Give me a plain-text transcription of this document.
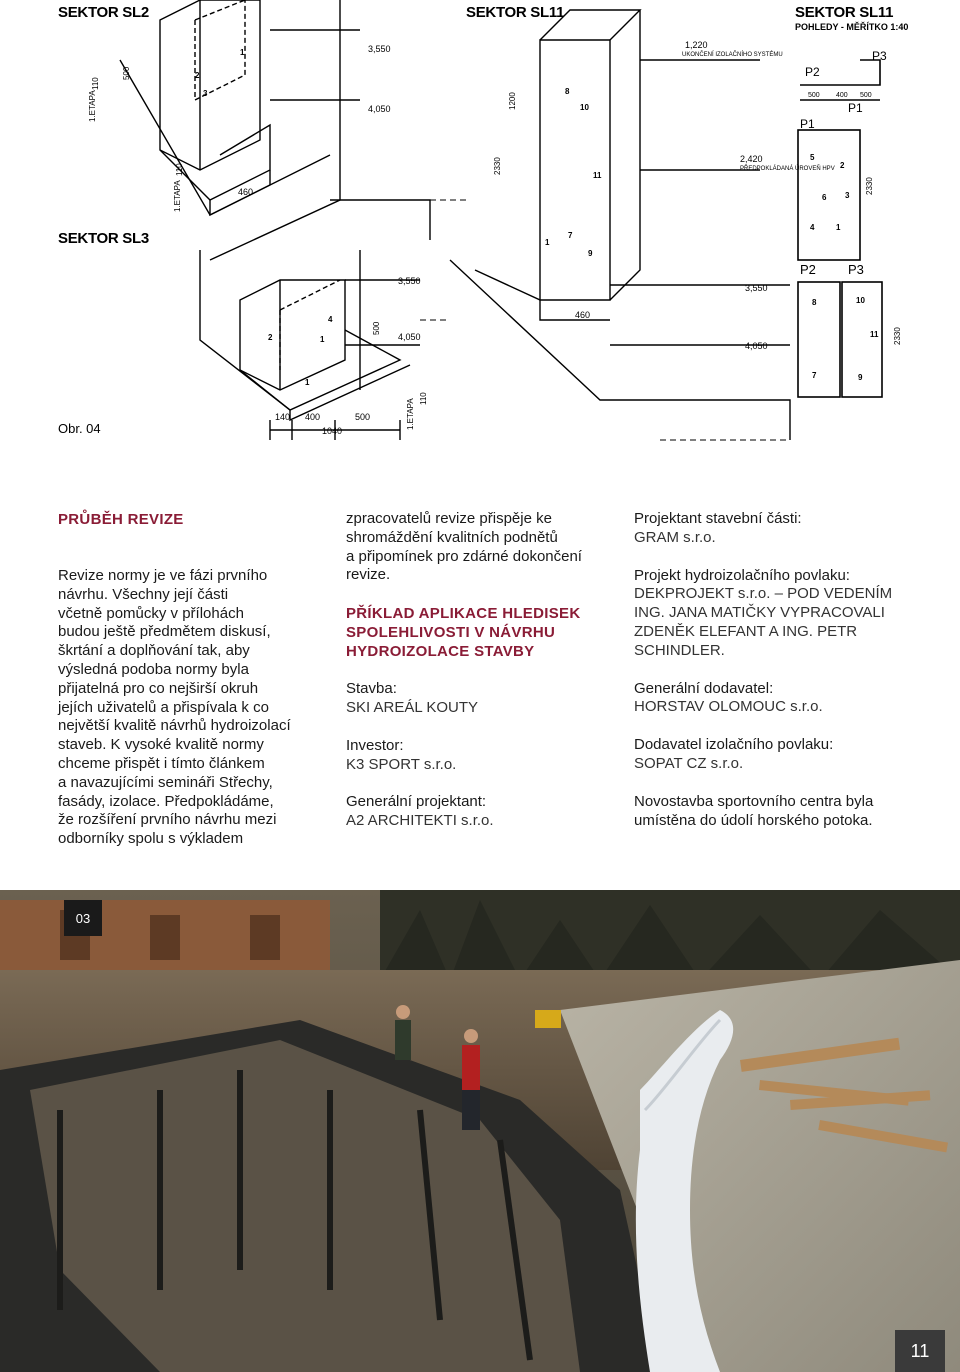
SEKTOR SL2	SEKTOR SL11	SEKTOR SL11
POHLEDY - MĚŘÍTKO 1:40
SEKTOR SL3
Obr. 04
3,550
4,050
460
3,550
4,050
140 400	500
1040
3,550
4,050
1,220
UKONČENÍ IZOLAČNÍHO SYSTÉMU
2,420
PŘEDPOKLÁDANÁ ÚROVEŇ HPV
460
500 400 500
P1
P1
P2
P3
P2 P3
5
2
6 3
4	1
8	10
11
7	9
10
11
8
1
7
9
1
2
3
2	1
4
1
1200
2330
2330
2330
500
500
1.ETAPA
1.ETAPA
1.ETAPA 110
110
110

PRŮBĚH REVIZE

Revize normy je ve fázi prvního

návrhu. Všechny její části

včetně pomůcky v přílohách

budou ještě předmětem diskusí,

škrtání a doplňování tak, aby

výsledná podoba normy byla

přijatelná pro co nejširší okruh

jejích uživatelů a přispívala k co

největší kvalitě návrhů hydroizolací

staveb. K vysoké kvalitě normy

chceme přispět i tímto článkem

a navazujícími semináři Střechy,

fasády, izolace. Předpokládáme,

že rozšíření prvního návrhu mezi

odborníky spolu s výkladem

zpracovatelů revize přispěje ke

shromáždění kvalitních podnětů

a připomínek pro zdárné dokončení

revize.

PŘÍKLAD APLIKACE HLEDISEK

SPOLEHLIVOSTI V NÁVRHU

HYDROIZOLACE STAVBY

Stavba:

SKI AREÁL KOUTY

Investor:

K3 SPORT s.r.o.

Generální projektant:

A2 ARCHITEKTI s.r.o.

Projektant stavební části:

GRAM s.r.o.

Projekt hydroizolačního povlaku:

DEKPROJEKT s.r.o. – POD VEDENÍM

ING. JANA MATIČKY VYPRACOVALI

ZDENĚK ELEFANT A ING. PETR

SCHINDLER.

Generální dodavatel:

HORSTAV OLOMOUC s.r.o.

Dodavatel izolačního povlaku:

SOPAT CZ s.r.o.

Novostavba sportovního centra byla

umístěna do údolí horského potoka.

03
11
